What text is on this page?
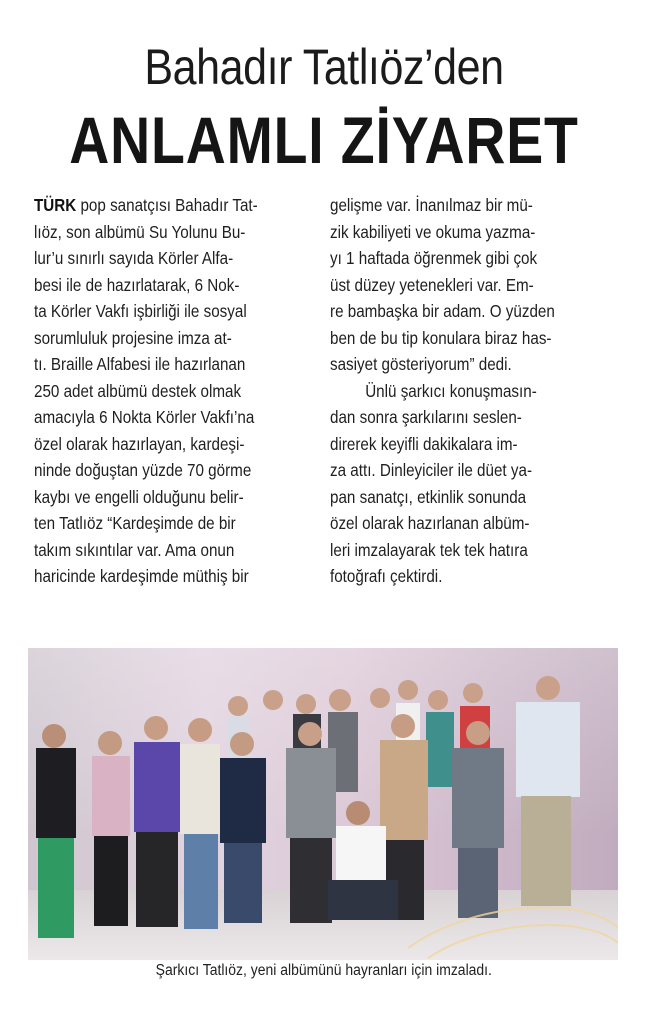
Bahadır Tatlıöz’den
ANLAMLI ZİYARET
TÜRK pop sanatçısı Bahadır Tat-
lıöz, son albümü Su Yolunu Bu-
lur’u sınırlı sayıda Körler Alfa-
besi ile de hazırlatarak, 6 Nok-
ta Körler Vakfı işbirliği ile sosyal
sorumluluk projesine imza at-
tı. Braille Alfabesi ile hazırlanan
250 adet albümü destek olmak
amacıyla 6 Nokta Körler Vakfı’na
özel olarak hazırlayan, kardeşi-
ninde doğuştan yüzde 70 görme
kaybı ve engelli olduğunu belir-
ten Tatlıöz “Kardeşimde de bir
takım sıkıntılar var. Ama onun
haricinde kardeşimde müthiş bir
gelişme var. İnanılmaz bir mü-
zik kabiliyeti ve okuma yazma-
yı 1 haftada öğrenmek gibi çok
üst düzey yetenekleri var. Em-
re bambaşka bir adam. O yüzden
ben de bu tip konulara biraz has-
sasiyet gösteriyorum” dedi.
Ünlü şarkıcı konuşmasın-
dan sonra şarkılarını seslen-
direrek keyifli dakikalara im-
za attı. Dinleyiciler ile düet ya-
pan sanatçı, etkinlik sonunda
özel olarak hazırlanan albüm-
leri imzalayarak tek tek hatıra
fotoğrafı çektirdi.
Şarkıcı Tatlıöz, yeni albümünü hayranları için imzaladı.
